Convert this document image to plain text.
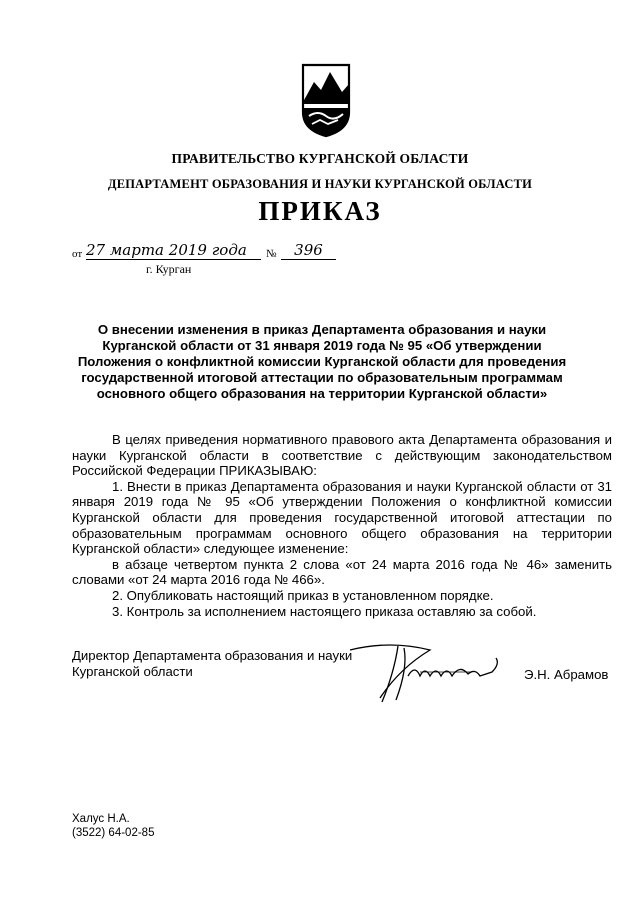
ПРАВИТЕЛЬСТВО КУРГАНСКОЙ ОБЛАСТИ
ДЕПАРТАМЕНТ ОБРАЗОВАНИЯ И НАУКИ КУРГАНСКОЙ ОБЛАСТИ
ПРИКАЗ
от 27 марта 2019 года	№	396
г. Курган
О внесении изменения в приказ Департамента образования и науки Курганской области от 31 января 2019 года № 95 «Об утверждении Положения о конфликтной комиссии Курганской области для проведения государственной итоговой аттестации по образовательным программам основного общего образования на территории Курганской области»

В целях приведения нормативного правового акта Департамента образования и науки Курганской области в соответствие с действующим законодательством Российской Федерации ПРИКАЗЫВАЮ:

1. Внести в приказ Департамента образования и науки Курганской области от 31 января 2019 года № 95 «Об утверждении Положения о конфликтной комиссии Курганской области для проведения государственной итоговой аттестации по образовательным программам основного общего образования на территории Курганской области» следующее изменение:

в абзаце четвертом пункта 2 слова «от 24 марта 2016 года № 46» заменить словами «от 24 марта 2016 года № 466».

2. Опубликовать настоящий приказ в установленном порядке.

3. Контроль за исполнением настоящего приказа оставляю за собой.

Директор Департамента образования и науки
Курганской области	Э.Н. Абрамов
Халус Н.А.
(3522) 64-02-85
